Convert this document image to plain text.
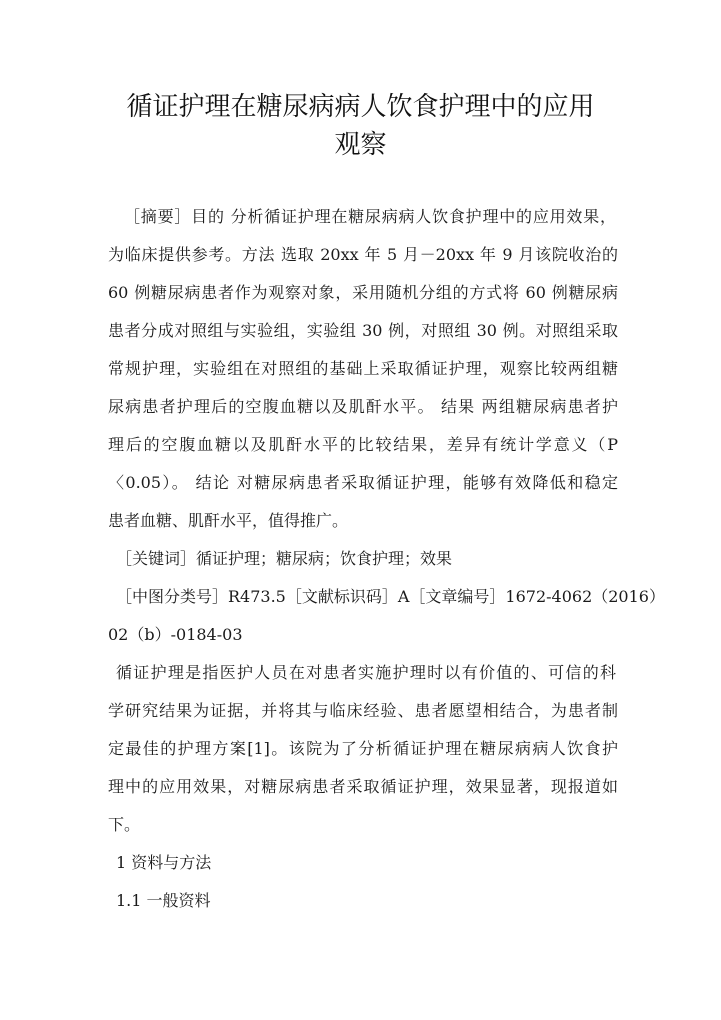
循证护理在糖尿病病人饮食护理中的应用
观察
［摘要］目的 分析循证护理在糖尿病病人饮食护理中的应用效果，
为临床提供参考。方法 选取 20xx 年 5 月－20xx 年 9 月该院收治的
60 例糖尿病患者作为观察对象，采用随机分组的方式将 60 例糖尿病
患者分成对照组与实验组，实验组 30 例，对照组 30 例。对照组采取
常规护理，实验组在对照组的基础上采取循证护理，观察比较两组糖
尿病患者护理后的空腹血糖以及肌酐水平。 结果 两组糖尿病患者护
理后的空腹血糖以及肌酐水平的比较结果，差异有统计学意义（P
〈0.05）。 结论 对糖尿病患者采取循证护理，能够有效降低和稳定
患者血糖、肌酐水平，值得推广。
［关键词］循证护理；糖尿病；饮食护理；效果
［中图分类号］R473.5［文献标识码］A［文章编号］1672-4062（2016）
02（b）-0184-03
循证护理是指医护人员在对患者实施护理时以有价值的、可信的科
学研究结果为证据，并将其与临床经验、患者愿望相结合，为患者制
定最佳的护理方案[1]。该院为了分析循证护理在糖尿病病人饮食护
理中的应用效果，对糖尿病患者采取循证护理，效果显著，现报道如
下。
1 资料与方法
1.1 一般资料
